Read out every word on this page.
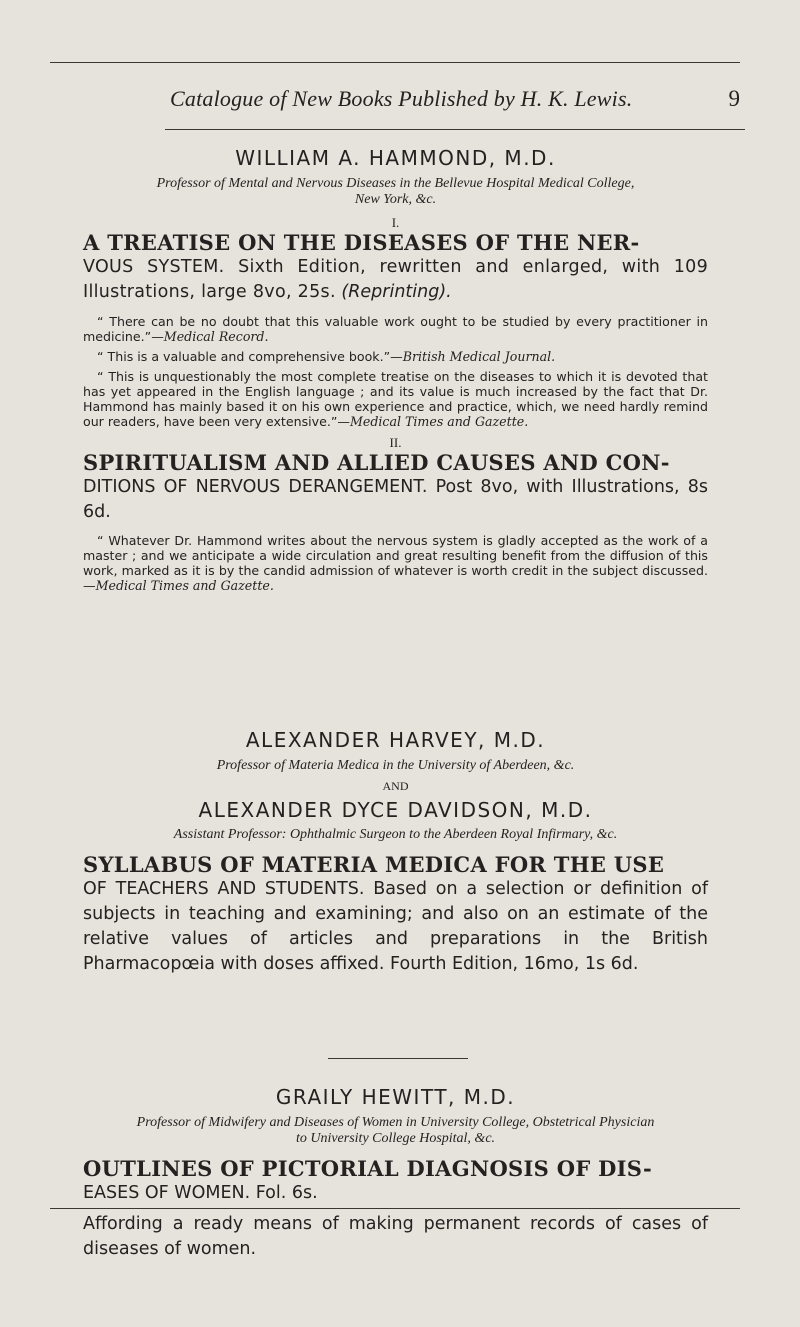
Catalogue of New Books Published by H. K. Lewis.	9
WILLIAM A. HAMMOND, M.D.
Professor of Mental and Nervous Diseases in the Bellevue Hospital Medical College,
New York, &c.
I.
A TREATISE ON THE DISEASES OF THE NER-
VOUS SYSTEM. Sixth Edition, rewritten and enlarged, with 109 Illustrations, large 8vo, 25s. (Reprinting).

“ There can be no doubt that this valuable work ought to be studied by every practitioner in medicine.”—Medical Record.

“ This is a valuable and comprehensive book.”—British Medical Journal.

“ This is unquestionably the most complete treatise on the diseases to which it is devoted that has yet appeared in the English language ; and its value is much increased by the fact that Dr. Hammond has mainly based it on his own experience and practice, which, we need hardly remind our readers, have been very extensive.”—Medical Times and Gazette.

II.
SPIRITUALISM AND ALLIED CAUSES AND CON-
DITIONS OF NERVOUS DERANGEMENT. Post 8vo, with Illustrations, 8s 6d.

“ Whatever Dr. Hammond writes about the nervous system is gladly accepted as the work of a master ; and we anticipate a wide circulation and great resulting benefit from the diffusion of this work, marked as it is by the candid admission of whatever is worth credit in the subject discussed.—Medical Times and Gazette.

ALEXANDER HARVEY, M.D.
Professor of Materia Medica in the University of Aberdeen, &c.
AND
ALEXANDER DYCE DAVIDSON, M.D.
Assistant Professor: Ophthalmic Surgeon to the Aberdeen Royal Infirmary, &c.
SYLLABUS OF MATERIA MEDICA FOR THE USE
OF TEACHERS AND STUDENTS. Based on a selection or definition of subjects in teaching and examining; and also on an estimate of the relative values of articles and preparations in the British Pharmacopœia with doses affixed. Fourth Edition, 16mo, 1s 6d.
GRAILY HEWITT, M.D.
Professor of Midwifery and Diseases of Women in University College, Obstetrical Physician
to University College Hospital, &c.
OUTLINES OF PICTORIAL DIAGNOSIS OF DIS-
EASES OF WOMEN. Fol. 6s.
Affording a ready means of making permanent records of cases of diseases of women.
